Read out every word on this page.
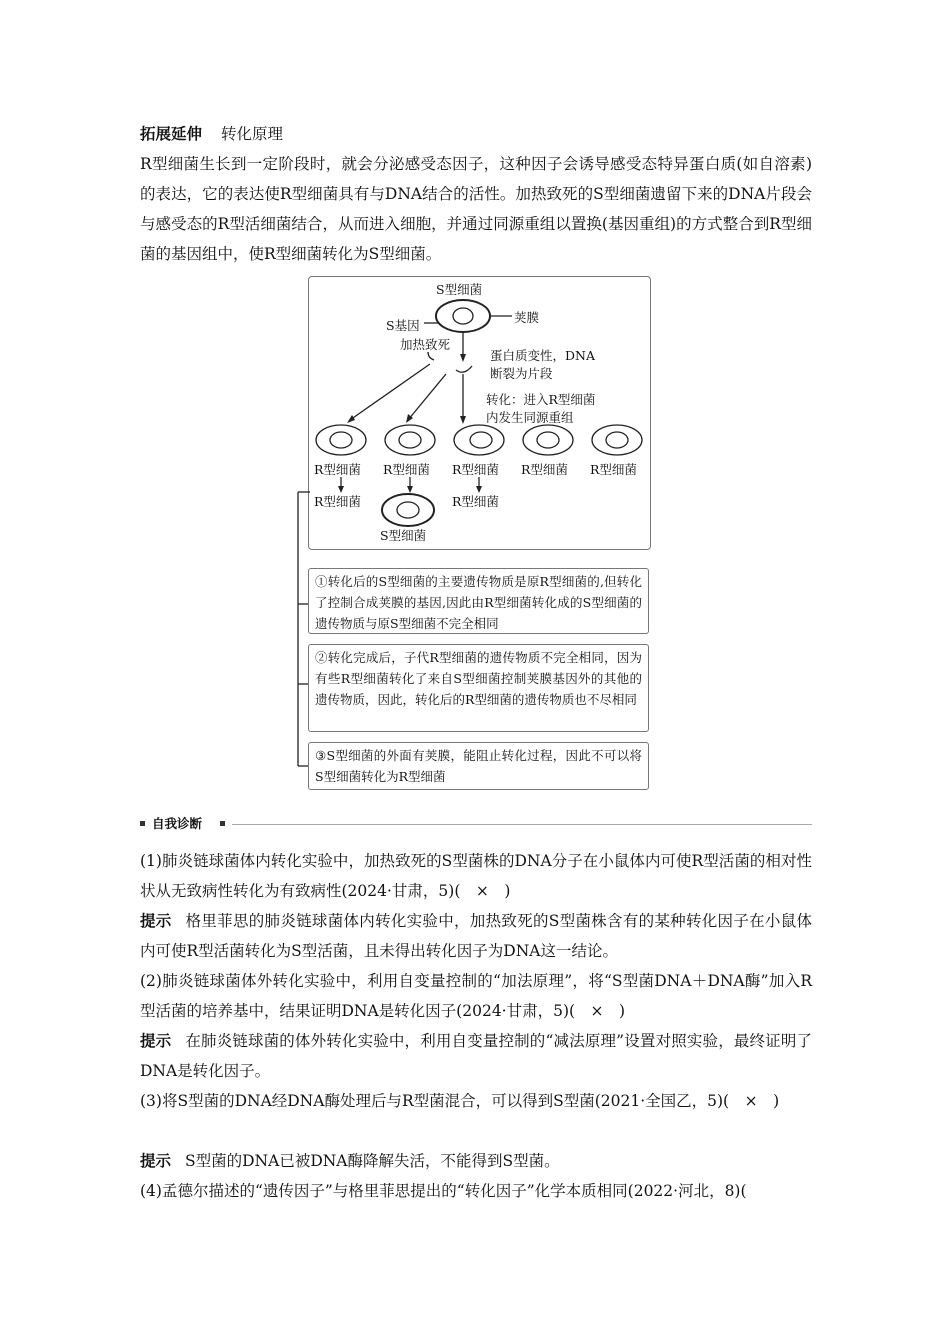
拓展延伸 转化原理
R型细菌生长到一定阶段时，就会分泌感受态因子，这种因子会诱导感受态特异蛋白质(如自溶素)的表达，它的表达使R型细菌具有与DNA结合的活性。加热致死的S型细菌遗留下来的DNA片段会与感受态的R型活细菌结合，从而进入细胞，并通过同源重组以置换(基因重组)的方式整合到R型细菌的基因组中，使R型细菌转化为S型细菌。
S型细菌
荚膜
S基因
加热致死
蛋白质变性，DNA
断裂为片段
转化：进入R型细菌
内发生同源重组
R型细菌 R型细菌 R型细菌 R型细菌 R型细菌
R型细菌	R型细菌
S型细菌
①转化后的S型细菌的主要遗传物质是原R型细菌的,但转化了控制合成荚膜的基因,因此由R型细菌转化成的S型细菌的遗传物质与原S型细菌不完全相同
②转化完成后，子代R型细菌的遗传物质不完全相同，因为有些R型细菌转化了来自S型细菌控制荚膜基因外的其他的遗传物质，因此，转化后的R型细菌的遗传物质也不尽相同
③S型细菌的外面有荚膜，能阻止转化过程，因此不可以将S型细菌转化为R型细菌
自我诊断
(1)肺炎链球菌体内转化实验中，加热致死的S型菌株的DNA分子在小鼠体内可使R型活菌的相对性状从无致病性转化为有致病性(2024·甘肃，5)(　×　)
提示 格里菲思的肺炎链球菌体内转化实验中，加热致死的S型菌株含有的某种转化因子在小鼠体内可使R型活菌转化为S型活菌，且未得出转化因子为DNA这一结论。
(2)肺炎链球菌体外转化实验中，利用自变量控制的“加法原理”，将“S型菌DNA＋DNA酶”加入R型活菌的培养基中，结果证明DNA是转化因子(2024·甘肃，5)(　×　)
提示 在肺炎链球菌的体外转化实验中，利用自变量控制的“减法原理”设置对照实验，最终证明了DNA是转化因子。
(3)将S型菌的DNA经DNA酶处理后与R型菌混合，可以得到S型菌(2021·全国乙，5)(　×　)
提示 S型菌的DNA已被DNA酶降解失活，不能得到S型菌。
(4)孟德尔描述的“遗传因子”与格里菲思提出的“转化因子”化学本质相同(2022·河北，8)(
